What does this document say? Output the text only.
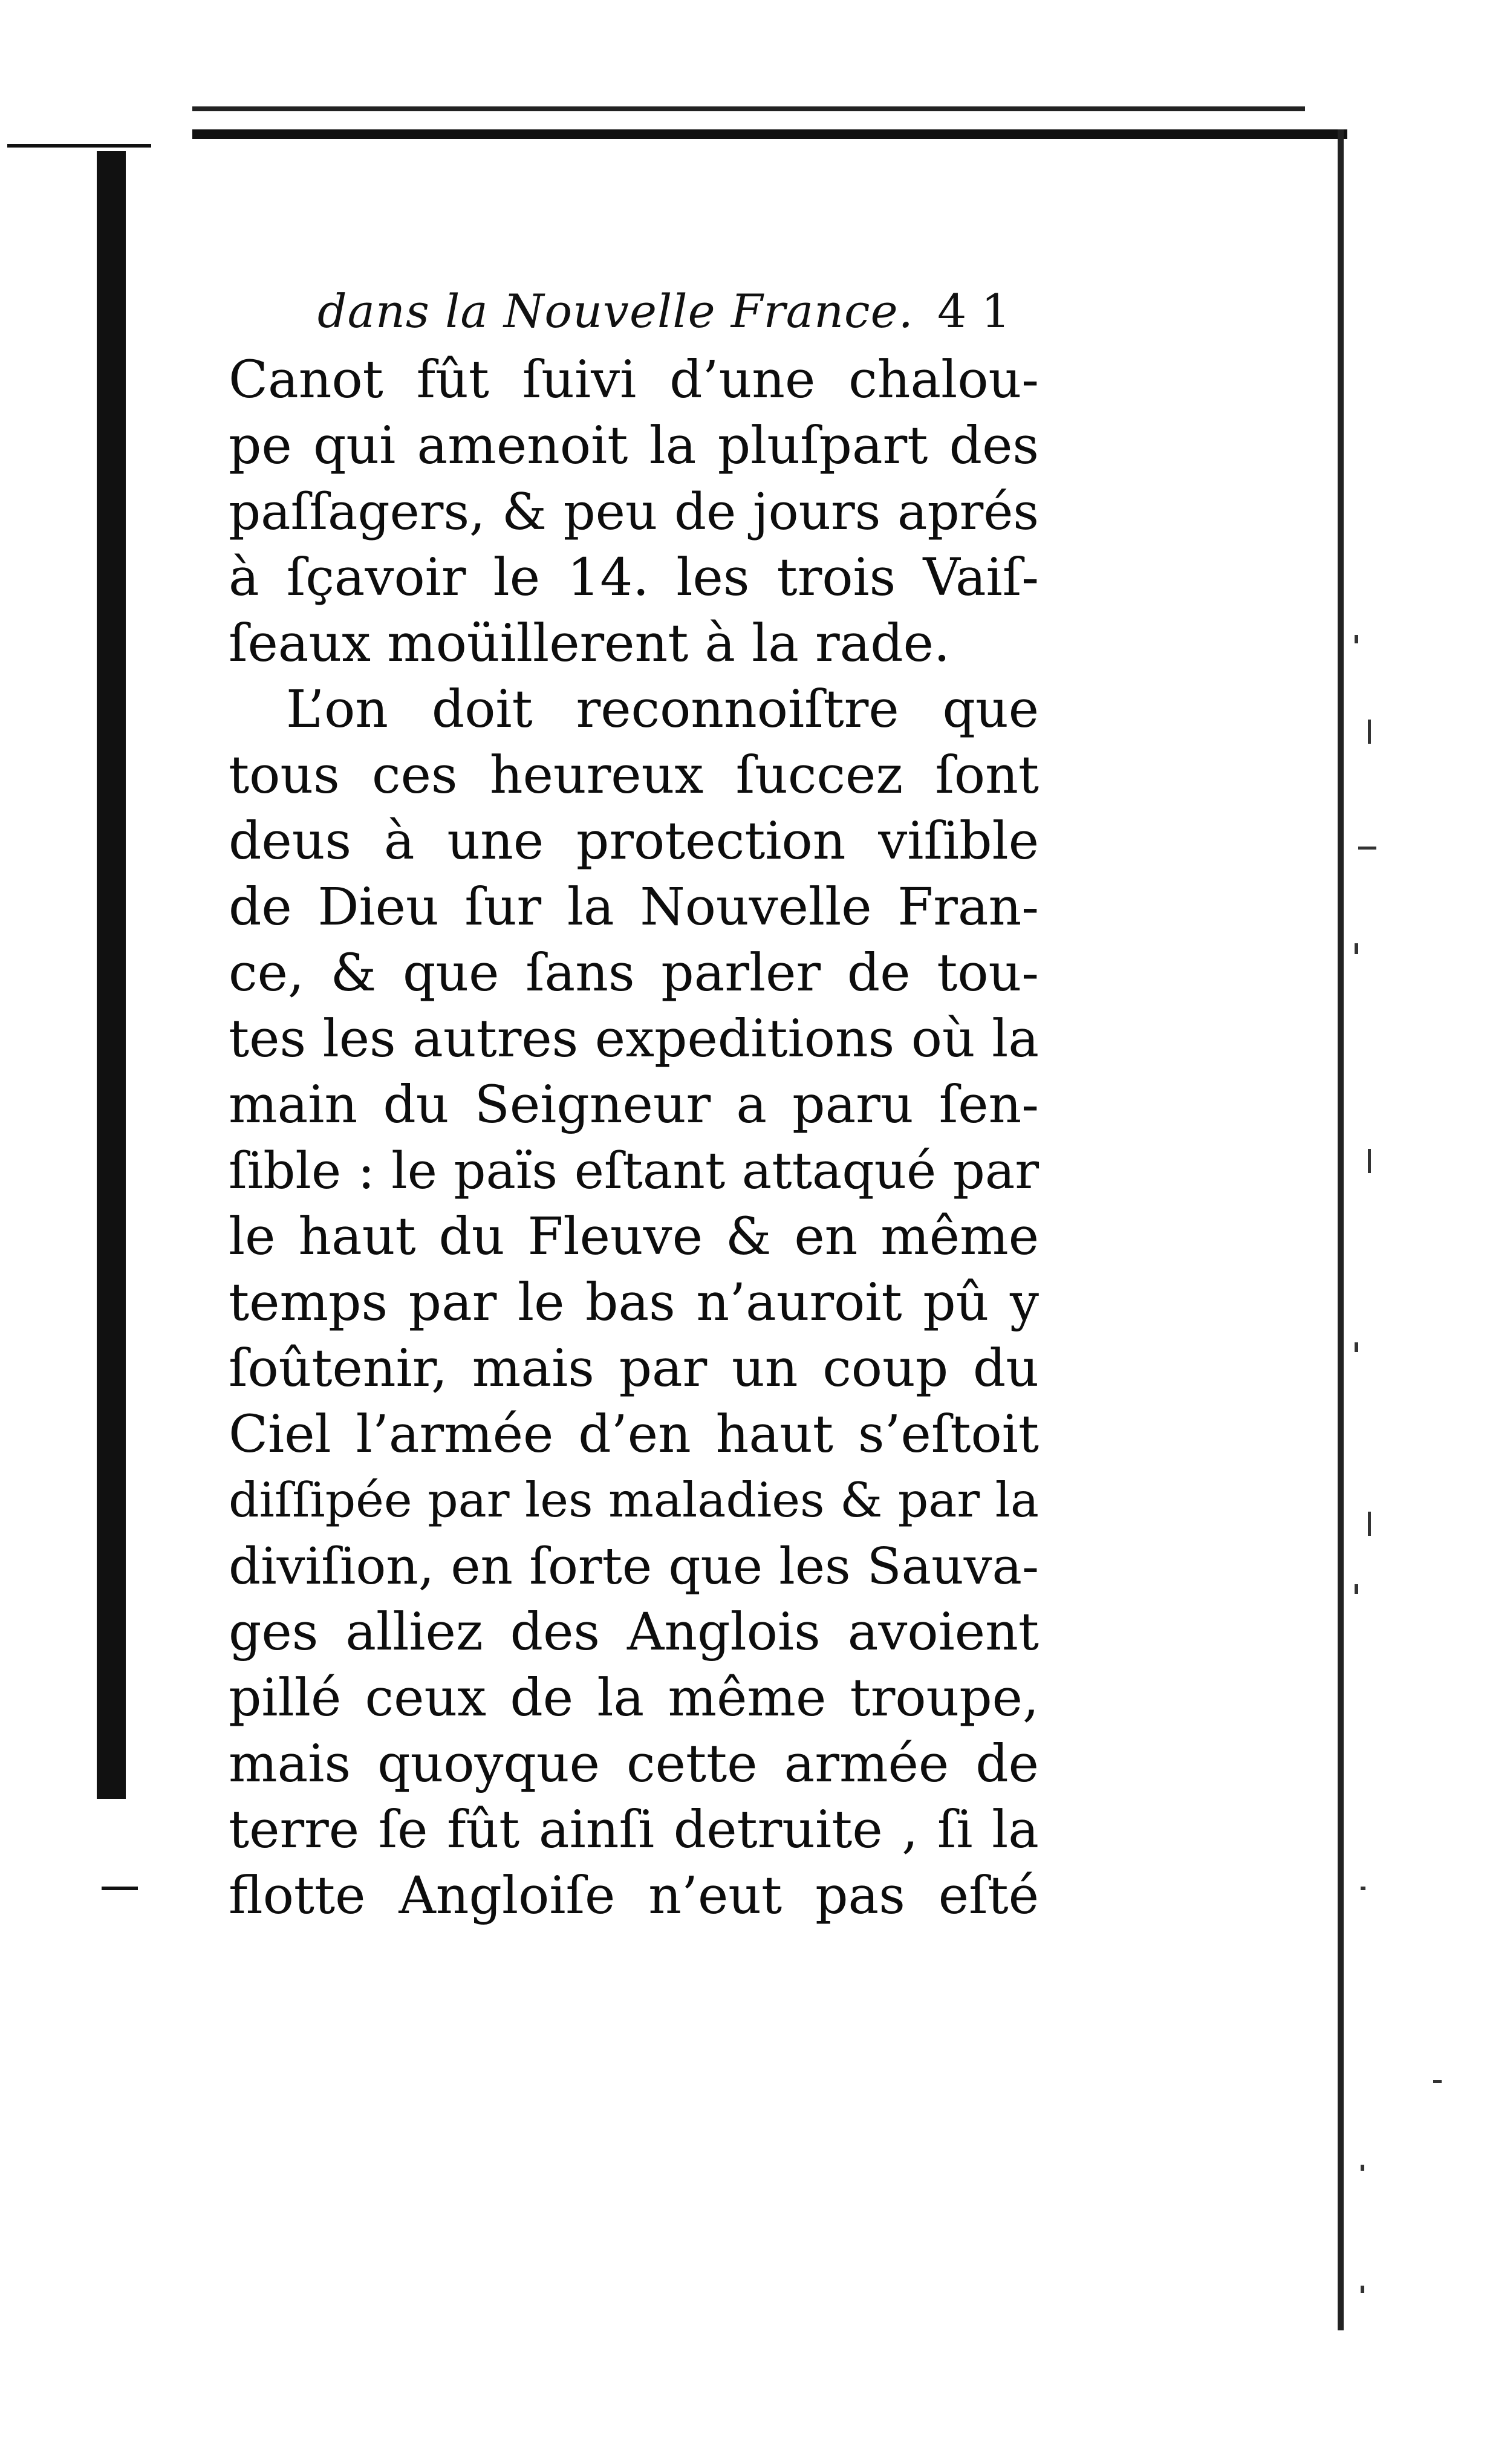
dans la Nouvelle France. 4 1
Canot fût ſuivi d’une chalou-
pe qui amenoit la pluſpart des
paſſagers, & peu de jours aprés
à ſçavoir le 14. les trois Vaiſ-
ſeaux moüillerent à la rade.
L’on doit reconnoiſtre que
tous ces heureux ſuccez ſont
deus à une protection viſible
de Dieu ſur la Nouvelle Fran-
ce, & que ſans parler de tou-
tes les autres expeditions où la
main du Seigneur a paru ſen-
ſible : le païs eſtant attaqué par
le haut du Fleuve & en même
temps par le bas n’auroit pû y
ſoûtenir, mais par un coup du
Ciel l’armée d’en haut s’eſtoit
diſſipée par les maladies & par la
diviſion, en ſorte que les Sauva-
ges alliez des Anglois avoient
pillé ceux de la même troupe,
mais quoyque cette armée de
terre ſe fût ainſi detruite , ſi la
flotte Angloiſe n’eut pas eſté
